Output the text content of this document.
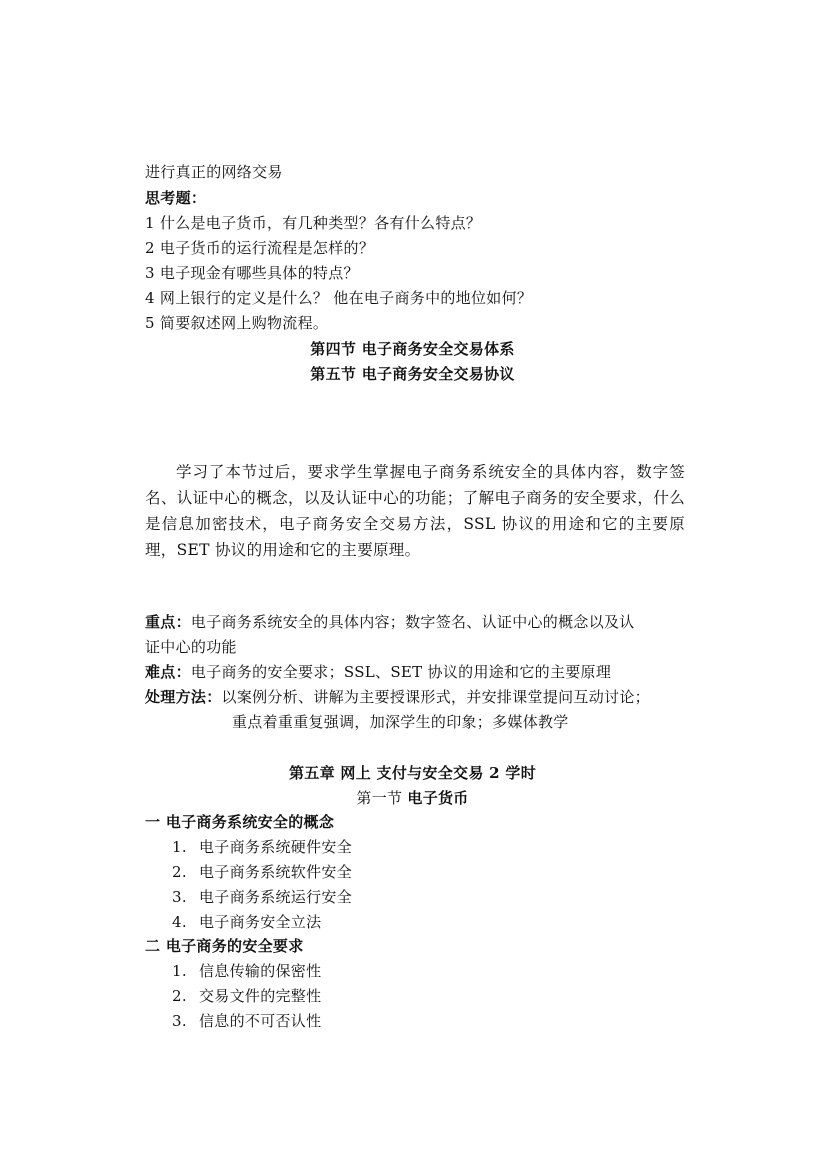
进行真正的网络交易
思考题：
1 什么是电子货币，有几种类型？各有什么特点？
2 电子货币的运行流程是怎样的？
3 电子现金有哪些具体的特点？
4 网上银行的定义是什么？ 他在电子商务中的地位如何？
5 简要叙述网上购物流程。
第四节 电子商务安全交易体系
第五节 电子商务安全交易协议
学习了本节过后，要求学生掌握电子商务系统安全的具体内容，数字签名、认证中心的概念，以及认证中心的功能；了解电子商务的安全要求，什么是信息加密技术，电子商务安全交易方法，SSL 协议的用途和它的主要原理，SET 协议的用途和它的主要原理。
重点：电子商务系统安全的具体内容；数字签名、认证中心的概念以及认
证中心的功能
难点：电子商务的安全要求；SSL、SET 协议的用途和它的主要原理
处理方法：以案例分析、讲解为主要授课形式，并安排课堂提问互动讨论；
重点着重重复强调，加深学生的印象；多媒体教学
第五章 网上 支付与安全交易 2 学时
第一节 电子货币
一 电子商务系统安全的概念
1. 电子商务系统硬件安全
2. 电子商务系统软件安全
3. 电子商务系统运行安全
4. 电子商务安全立法
二 电子商务的安全要求
1. 信息传输的保密性
2. 交易文件的完整性
3. 信息的不可否认性
